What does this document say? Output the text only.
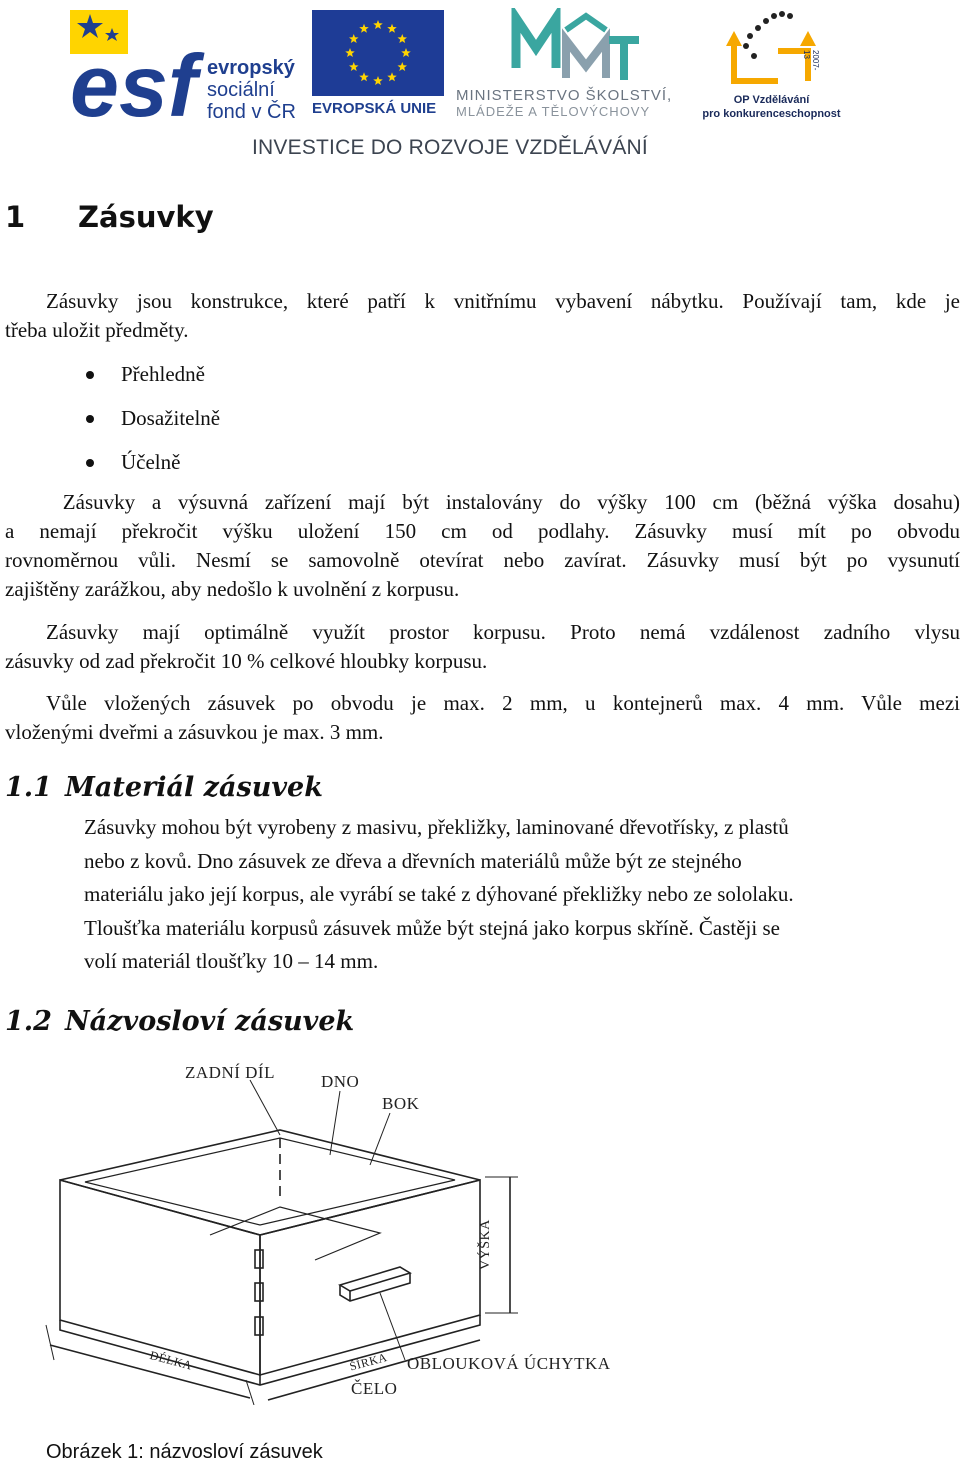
esf evropský
sociální
fond v ČR EVROPSKÁ UNIE
MINISTERSTVO ŠKOLSTVÍ,
MLÁDEŽE A TĚLOVÝCHOVY
2007-13
OP Vzdělávání
pro konkurenceschopnost
INVESTICE DO ROZVOJE VZDĚLÁVÁNÍ
1 Zásuvky
Zásuvky jsou konstrukce, které patří k vnitřnímu vybavení nábytku. Používají tam, kde je
třeba uložit předměty.
Přehledně
Dosažitelně
Účelně
Zásuvky a výsuvná zařízení mají být instalovány do výšky 100 cm (běžná výška dosahu)
a nemají překročit výšku uložení 150 cm od podlahy. Zásuvky musí mít po obvodu
rovnoměrnou vůli. Nesmí se samovolně otevírat nebo zavírat. Zásuvky musí být po vysunutí
zajištěny zarážkou, aby nedošlo k uvolnění z korpusu.
Zásuvky mají optimálně využít prostor korpusu. Proto nemá vzdálenost zadního vlysu
zásuvky od zad překročit 10 % celkové hloubky korpusu.
Vůle vložených zásuvek po obvodu je max. 2 mm, u kontejnerů max. 4 mm. Vůle mezi
vloženými dveřmi a zásuvkou je max. 3 mm.
1.1 Materiál zásuvek
Zásuvky mohou být vyrobeny z masivu, překližky, laminované dřevotřísky, z plastů
nebo z kovů. Dno zásuvek ze dřeva a dřevních materiálů může být ze stejného
materiálu jako její korpus, ale vyrábí se také z dýhované překližky nebo ze sololaku.
Tloušťka materiálu korpusů zásuvek může být stejná jako korpus skříně. Častěji se
volí materiál tloušťky 10 – 14 mm.
1.2 Názvosloví zásuvek
ZADNÍ DÍL	DNO
BOK
VÝŠKA
DÉLKA	ŠÍRKA OBLOUKOVÁ ÚCHYTKA
ČELO
Obrázek 1: názvosloví zásuvek
